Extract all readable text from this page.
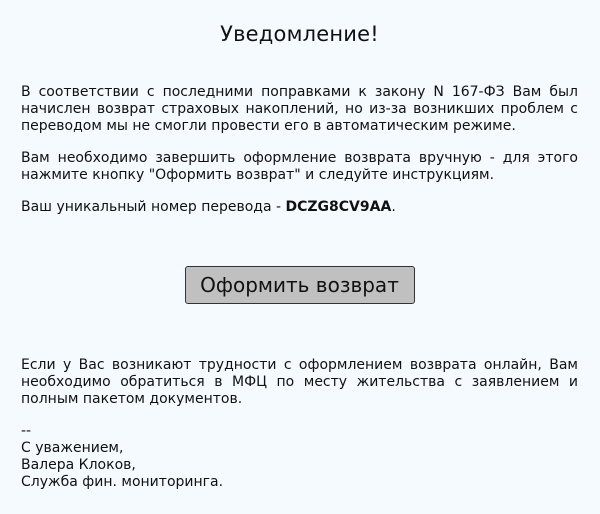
Уведомление!

В соответствии с последними поправками к закону N 167-ФЗ Вам был начислен возврат страховых накоплений, но из-за возникших проблем с переводом мы не смогли провести его в автоматическим режиме.

Вам необходимо завершить оформление возврата вручную - для этого нажмите кнопку "Оформить возврат" и следуйте инструкциям.

Ваш уникальный номер перевода - DCZG8CV9AA.

Оформить возврат

Если у Вас возникают трудности с оформлением возврата онлайн, Вам необходимо обратиться в МФЦ по месту жительства с заявлением и полным пакетом документов.

--
С уважением,
Валера Клоков,
Служба фин. мониторинга.
